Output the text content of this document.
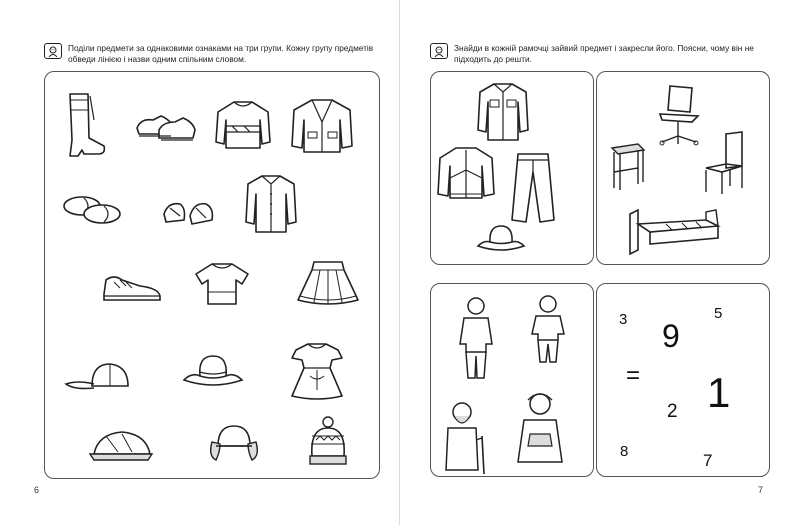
Поділи предмети за однаковими ознаками на три групи. Кожну групу предметів обведи лінією і назви одним спільним словом.
6
Знайди в кожній рамочці зайвий предмет і закресли його. Поясни, чому він не підходить до решти.
3 9
5
=
2 1
8	7
7
